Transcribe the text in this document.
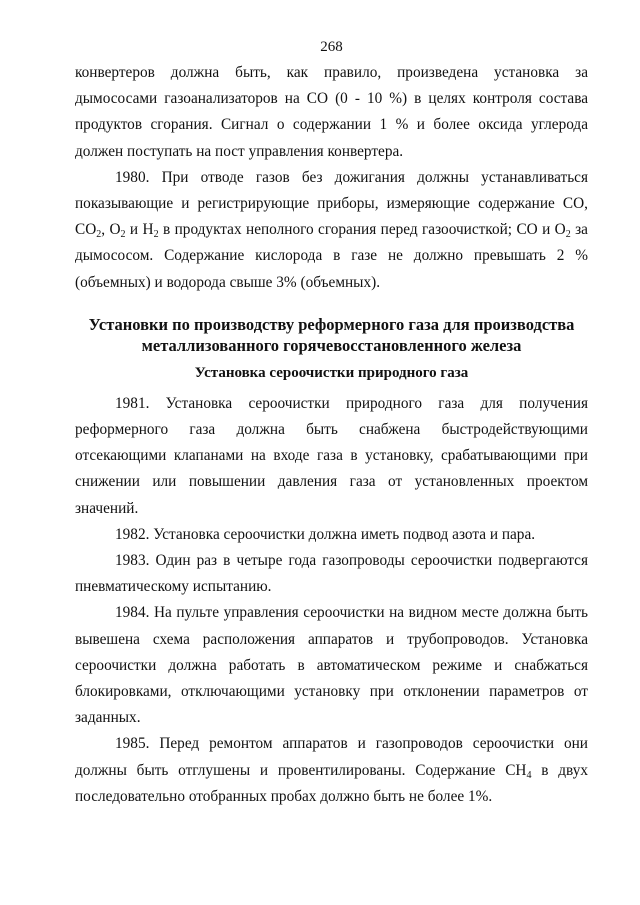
268

конвертеров должна быть, как правило, произведена установка за дымососами газоанализаторов на СО (0 - 10 %) в целях контроля состава продуктов сгорания. Сигнал о содержании 1 % и более оксида углерода должен поступать на пост управления конвертера.

1980. При отводе газов без дожигания должны устанавливаться показывающие и регистрирующие приборы, измеряющие содержание СО, $СО_2$, $О_2$ и $Н_2$ в продуктах неполного сгорания перед газоочисткой; СО и $О_2$ за дымососом. Содержание кислорода в газе не должно превышать 2 % (объемных) и водорода свыше 3% (объемных).

Установки по производству реформерного газа для производства металлизованного горячевосстановленного железа
Установка сероочистки природного газа

1981. Установка сероочистки природного газа для получения реформерного газа должна быть снабжена быстродействующими отсекающими клапанами на входе газа в установку, срабатывающими при снижении или повышении давления газа от установленных проектом значений.

1982. Установка сероочистки должна иметь подвод азота и пара.

1983. Один раз в четыре года газопроводы сероочистки подвергаются пневматическому испытанию.

1984. На пульте управления сероочистки на видном месте должна быть вывешена схема расположения аппаратов и трубопроводов. Установка сероочистки должна работать в автоматическом режиме и снабжаться блокировками, отключающими установку при отклонении параметров от заданных.

1985. Перед ремонтом аппаратов и газопроводов сероочистки они должны быть отглушены и провентилированы. Содержание $СН_4$ в двух последовательно отобранных пробах должно быть не более 1%.
